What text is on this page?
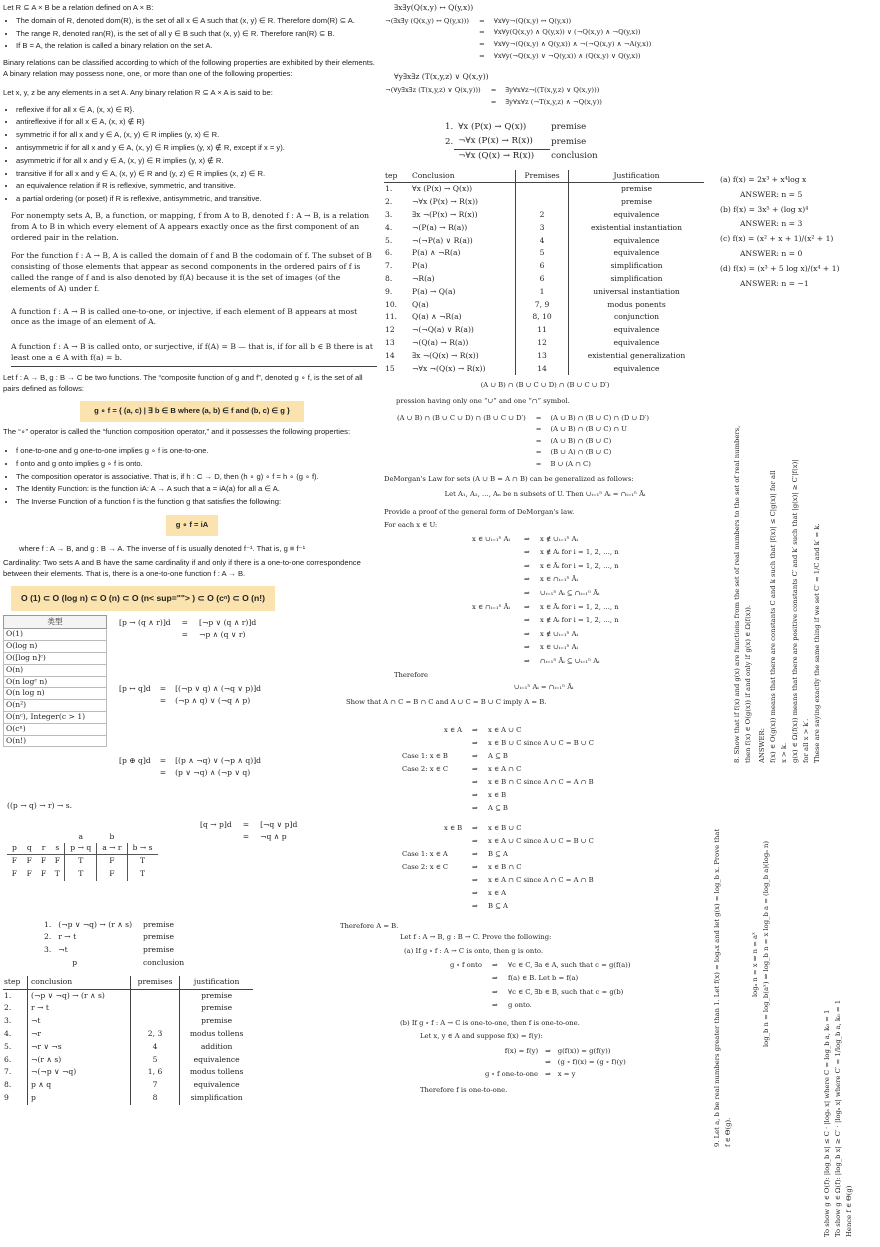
Let R ⊆ A × B be a relation defined on A × B:

• The domain of R, denoted dom(R), is the set of all x ∈ A such that (x, y) ∈ R. Therefore dom(R) ⊆ A.
• The range R, denoted ran(R), is the set of all y ∈ B such that (x, y) ∈ R. Therefore ran(R) ⊆ B.
• If B = A, the relation is called a binary relation on the set A.

Binary relations can be classified according to which of the following properties are exhibited by their elements. A binary relation may possess none, one, or more than one of the following properties:

Let x, y, z be any elements in a set A. Any binary relation R ⊆ A × A is said to be:

• reflexive if for all x ∈ A, (x, x) ∈ R}.
• antireflexive if for all x ∈ A, (x, x) ∉ R}
• symmetric if for all x and y ∈ A, (x, y) ∈ R implies (y, x) ∈ R.
• antisymmetric if for all x and y ∈ A, (x, y) ∈ R implies (y, x) ∉ R, except if x = y).
• asymmetric if for all x and y ∈ A, (x, y) ∈ R implies (y, x) ∉ R.
• transitive if for all x and y ∈ A, (x, y) ∈ R and (y, z) ∈ R implies (x, z) ∈ R.
• an equivalence relation if R is reflexive, symmetric, and transitive.
• a partial ordering (or poset) if R is reflexive, antisymmetric, and transitive.

For nonempty sets A, B, a function, or mapping, f from A to B, denoted f : A → B, is a relation from A to B in which every element of A appears exactly once as the first component of an ordered pair in the relation.

For the function f : A → B, A is called the domain of f and B the codomain of f. The subset of B consisting of those elements that appear as second components in the ordered pairs of f is called the range of f and is also denoted by f(A) because it is the set of images (of the elements of A) under f.

A function f : A → B is called one-to-one, or injective, if each element of B appears at most once as the image of an element of A.

A function f : A → B is called onto, or surjective, if f(A) = B — that is, if for all b ∈ B there is at least one a ∈ A with f(a) = b.

Let f : A → B, g : B → C be two functions. The “composite function of g and f”, denoted g ∘ f, is the set of all pairs defined as follows:

g ∘ f = { (a, c) | ∃ b ∈ B where (a, b) ∈ f and (b, c) ∈ g }

The “∘” operator is called the “function composition operator,” and it possesses the following properties:

• f one-to-one and g one-to-one implies g ∘ f is one-to-one.
• f onto and g onto implies g ∘ f is onto.
• The composition operator is associative. That is, if h : C → D, then (h ∘ g) ∘ f = h ∘ (g ∘ f).
• The Identity Function: is the function iA: A → A such that a = iA(a) for all a ∈ A.
• The Inverse Function of a function f is the function g that satisfies the following:
g ∘ f = iA

where f : A → B, and g : B → A. The inverse of f is usually denoted f⁻¹. That is, g ≡ f⁻¹

Cardinality: Two sets A and B have the same cardinality if and only if there is a one-to-one correspondence between their elements. That is, there is a one-to-one function f : A → B.

O (1) ⊂ O (log n) ⊂ O (n) ⊂ O (n< sup=""> ) ⊂ O (cⁿ) ⊂ O (n!)
类型
O(1)
O(log n)
O([log n]ᶜ)
O(n)
O(n logᶜ n)
O(n log n)
O(n²)
O(nᶜ), Integer(c > 1)
O(cⁿ)
O(n!)
[p → (q ∧ r)]d	=	[¬p ∨ (q ∧ r)]d
	=	¬p ∧ (q ∨ r)
[p ↔ q]d	=	[(¬p ∨ q) ∧ (¬q ∨ p)]d
	=	(¬p ∧ q) ∨ (¬q ∧ p)
[p ⊕ q]d	=	[(p ∧ ¬q) ∨ (¬p ∧ q)]d
	=	(p ∨ ¬q) ∧ (¬p ∨ q)

((p → q) → r) → s.

[q → p]d	=	[¬q ∨ p]d
	=	¬q ∧ p
				a	b	
p	q	r	s	p → q	a → r	b → s
F	F	F	F	T	F	T
F	F	F	T	T	F	T
1.	(¬p ∨ ¬q) → (r ∧ s)	premise
2.	r → t	premise
3.	¬t	premise
	p	conclusion
step	conclusion	premises	justification
1.	(¬p ∨ ¬q) → (r ∧ s)		premise
2.	r → t		premise
3.	¬t		premise
4.	¬r	2, 3	modus tollens
5.	¬r ∨ ¬s	4	addition
6.	¬(r ∧ s)	5	equivalence
7.	¬(¬p ∨ ¬q)	1, 6	modus tollens
8.	p ∧ q	7	equivalence
9	p	8	simplification

∃x∃y(Q(x,y) ↔ Q(y,x))

¬(∃x∃y (Q(x,y) ↔ Q(y,x)))	=	∀x∀y¬(Q(x,y) ↔ Q(y,x))
	=	∀x∀y(Q(x,y) ∧ Q(y,x)) ∨ (¬Q(x,y) ∧ ¬Q(y,x))
	=	∀x∀y¬(Q(x,y) ∧ Q(y,x)) ∧ ¬(¬Q(x,y) ∧ ¬A(y,x))
	=	∀x∀y(¬Q(x,y) ∨ ¬Q(y,x)) ∧ (Q(x,y) ∨ Q(y,x))

∀y∃x∃z (T(x,y,z) ∨ Q(x,y))

¬(∀y∃x∃z (T(x,y,z) ∨ Q(x,y)))	=	∃y∀x∀z¬((T(x,y,z) ∨ Q(x,y)))
	=	∃y∀x∀z (¬T(x,y,z) ∧ ¬Q(x,y))
1.	∀x (P(x) → Q(x))	premise
2.	¬∀x (P(x) → R(x))	premise
	¬∀x (Q(x) → R(x))	conclusion
tep	Conclusion	Premises	Justification
1.	∀x (P(x) → Q(x))		premise
2.	¬∀x (P(x) → R(x))		premise
3.	∃x ¬(P(x) → R(x))	2	equivalence
4.	¬(P(a) → R(a))	3	existential instantiation
5.	¬(¬P(a) ∨ R(a))	4	equivalence
6.	P(a) ∧ ¬R(a)	5	equivalence
7.	P(a)	6	simplification
8.	¬R(a)	6	simplification
9.	P(a) → Q(a)	1	universal instantiation
10.	Q(a)	7, 9	modus ponents
11.	Q(a) ∧ ¬R(a)	8, 10	conjunction
12	¬(¬Q(a) ∨ R(a))	11	equivalence
13	¬(Q(a) → R(a))	12	equivalence
14	∃x ¬(Q(x) → R(x))	13	existential generalization
15	¬∀x ¬(Q(x) → R(x))	14	equivalence

(A ∪ B) ∩ (B ∪ C ∪ D) ∩ (B ∪ C ∪ D′)

pression having only one “∪” and one “∩” symbol.

(A ∪ B) ∩ (B ∪ C ∪ D) ∩ (B ∪ C ∪ D′)	=	(A ∪ B) ∩ (B ∪ C) ∩ (D ∪ D′)
	=	(A ∪ B) ∩ (B ∪ C) ∩ U
	=	(A ∪ B) ∩ (B ∪ C)
	=	(B ∪ A) ∩ (B ∪ C)
	=	B ∪ (A ∩ C)

DeMorgan's Law for sets (A ∪ B = A ∩ B) can be generalized as follows:

Let A₁, A₂, …, Aₙ be n subsets of U. Then ∪ᵢ₌₁ⁿ Aᵢ = ∩ᵢ₌₁ⁿ Āᵢ

Provide a proof of the general form of DeMorgan's law.

For each x ∈ U:

x ∈ ∪ᵢ₌₁ⁿ Aᵢ ⇒ x ∉ ∪ᵢ₌₁ⁿ Aᵢ
⇒ x ∉ Aᵢ for i = 1, 2, …, n
⇒ x ∈ Āᵢ for i = 1, 2, …, n
⇒ x ∈ ∩ᵢ₌₁ⁿ Āᵢ
⇒ ∪ᵢ₌₁ⁿ Aᵢ ⊆ ∩ᵢ₌₁ⁿ Āᵢ
x ∈ ∩ᵢ₌₁ⁿ Āᵢ ⇒ x ∈ Āᵢ for i = 1, 2, …, n
⇒ x ∉ Aᵢ for i = 1, 2, …, n
⇒ x ∉ ∪ᵢ₌₁ⁿ Aᵢ
⇒ x ∈ ∪ᵢ₌₁ⁿ Aᵢ
⇒ ∩ᵢ₌₁ⁿ Āᵢ ⊆ ∪ᵢ₌₁ⁿ Aᵢ

Therefore

∪ᵢ₌₁ⁿ Aᵢ = ∩ᵢ₌₁ⁿ Āᵢ

Show that A ∩ C = B ∩ C and A ∪ C = B ∪ C imply A = B.

x ∈ A ⇒ x ∈ A ∪ C
⇒ x ∈ B ∪ C since A ∪ C = B ∪ C
Case 1: x ∈ B	⇒ A ⊆ B
Case 2: x ∈ C	⇒ x ∈ A ∩ C
⇒ x ∈ B ∩ C since A ∩ C = A ∩ B
⇒ x ∈ B
⇒ A ⊆ B
x ∈ B ⇒ x ∈ B ∪ C
⇒ x ∈ A ∪ C since A ∪ C = B ∪ C
Case 1: x ∈ A	⇒ B ⊆ A
Case 2: x ∈ C	⇒ x ∈ B ∩ C
⇒ x ∈ A ∩ C since A ∩ C = A ∩ B
⇒ x ∈ A
⇒ B ⊆ A

Therefore A = B.

Let f : A → B, g : B → C. Prove the following:

(a) If g ∘ f : A → C is onto, then g is onto.

g ∘ f onto ⇒ ∀c ∈ C, ∃a ∈ A, such that c = g(f(a))
⇒ f(a) ∈ B. Let b = f(a)
⇒ ∀c ∈ C, ∃b ∈ B, such that c = g(b)
⇒ g onto.

(b) If g ∘ f : A → C is one-to-one, then f is one-to-one.

Let x, y ∈ A and suppose f(x) = f(y):

f(x) = f(y)	⇒	g(f(x)) = g(f(y))
	⇒	(g ∘ f)(x) = (g ∘ f)(y)
g ∘ f one-to-one	⇒	x = y

Therefore f is one-to-one.

(a) f(x) = 2x³ + x⁴log x

ANSWER: n = 5

(b) f(x) = 3x⁵ + (log x)⁴

ANSWER: n = 3

(c) f(x) = (x² + x + 1)/(x² + 1)

ANSWER: n = 0

(d) f(x) = (x³ + 5 log x)/(x⁴ + 1)

ANSWER: n = −1

8. Show that if f(x) and g(x) are functions from the set of real numbers to the set of real numbers, then f(x) ∈ O(g(x)) if and only if g(x) ∈ Ω(f(x)). ANSWER: f(x) ∈ O(g(x)) means that there are constants C and k such that |f(x)| ≤ C|g(x)| for all x > k. g(x) ∈ Ω(f(x)) means that there are positive constants C′ and k′ such that |g(x)| ≥ C′|f(x)| for all x > k′. These are saying exactly the same thing if we set C′ = 1/C and k′ = k.
9. Let a, b be real numbers greater than 1. Let f(x) = logₐx and let g(x) = log_b x. Prove that f ∈ Θ(g).
logₐ n = x ⇒ n = aˣ log_b n = log_b(aˣ) ⇒ log_b n = x log_b a = (log_b a)(logₐ n)
To show g ∈ O(f): |log_b x| ≤ C · |logₐ x| where C = log_b a, k₀ = 1 To show g ∈ Ω(f): |log_b x| ≥ C′ · |logₐ x| where C′ = 1/log_b a, k₀ = 1 Hence f ∈ Θ(g)
